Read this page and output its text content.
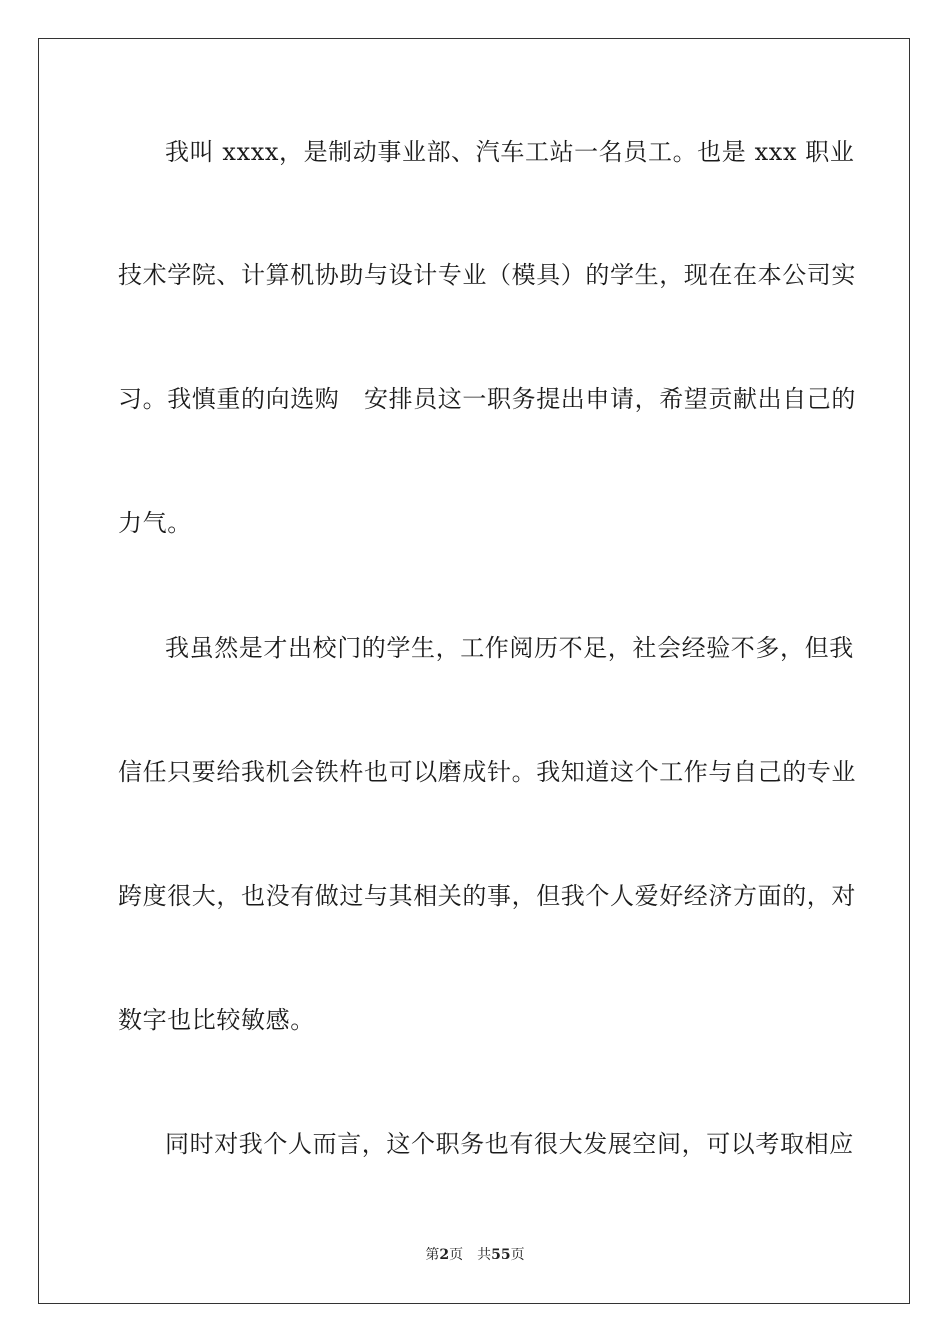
我叫 xxxx，是制动事业部、汽车工站一名员工。也是 xxx 职业
技术学院、计算机协助与设计专业（模具）的学生，现在在本公司实
习。我慎重的向选购　安排员这一职务提出申请，希望贡献出自己的
力气。
我虽然是才出校门的学生，工作阅历不足，社会经验不多，但我
信任只要给我机会铁杵也可以磨成针。我知道这个工作与自己的专业
跨度很大，也没有做过与其相关的事，但我个人爱好经济方面的，对
数字也比较敏感。
同时对我个人而言，这个职务也有很大发展空间，可以考取相应
第2页　共55页
